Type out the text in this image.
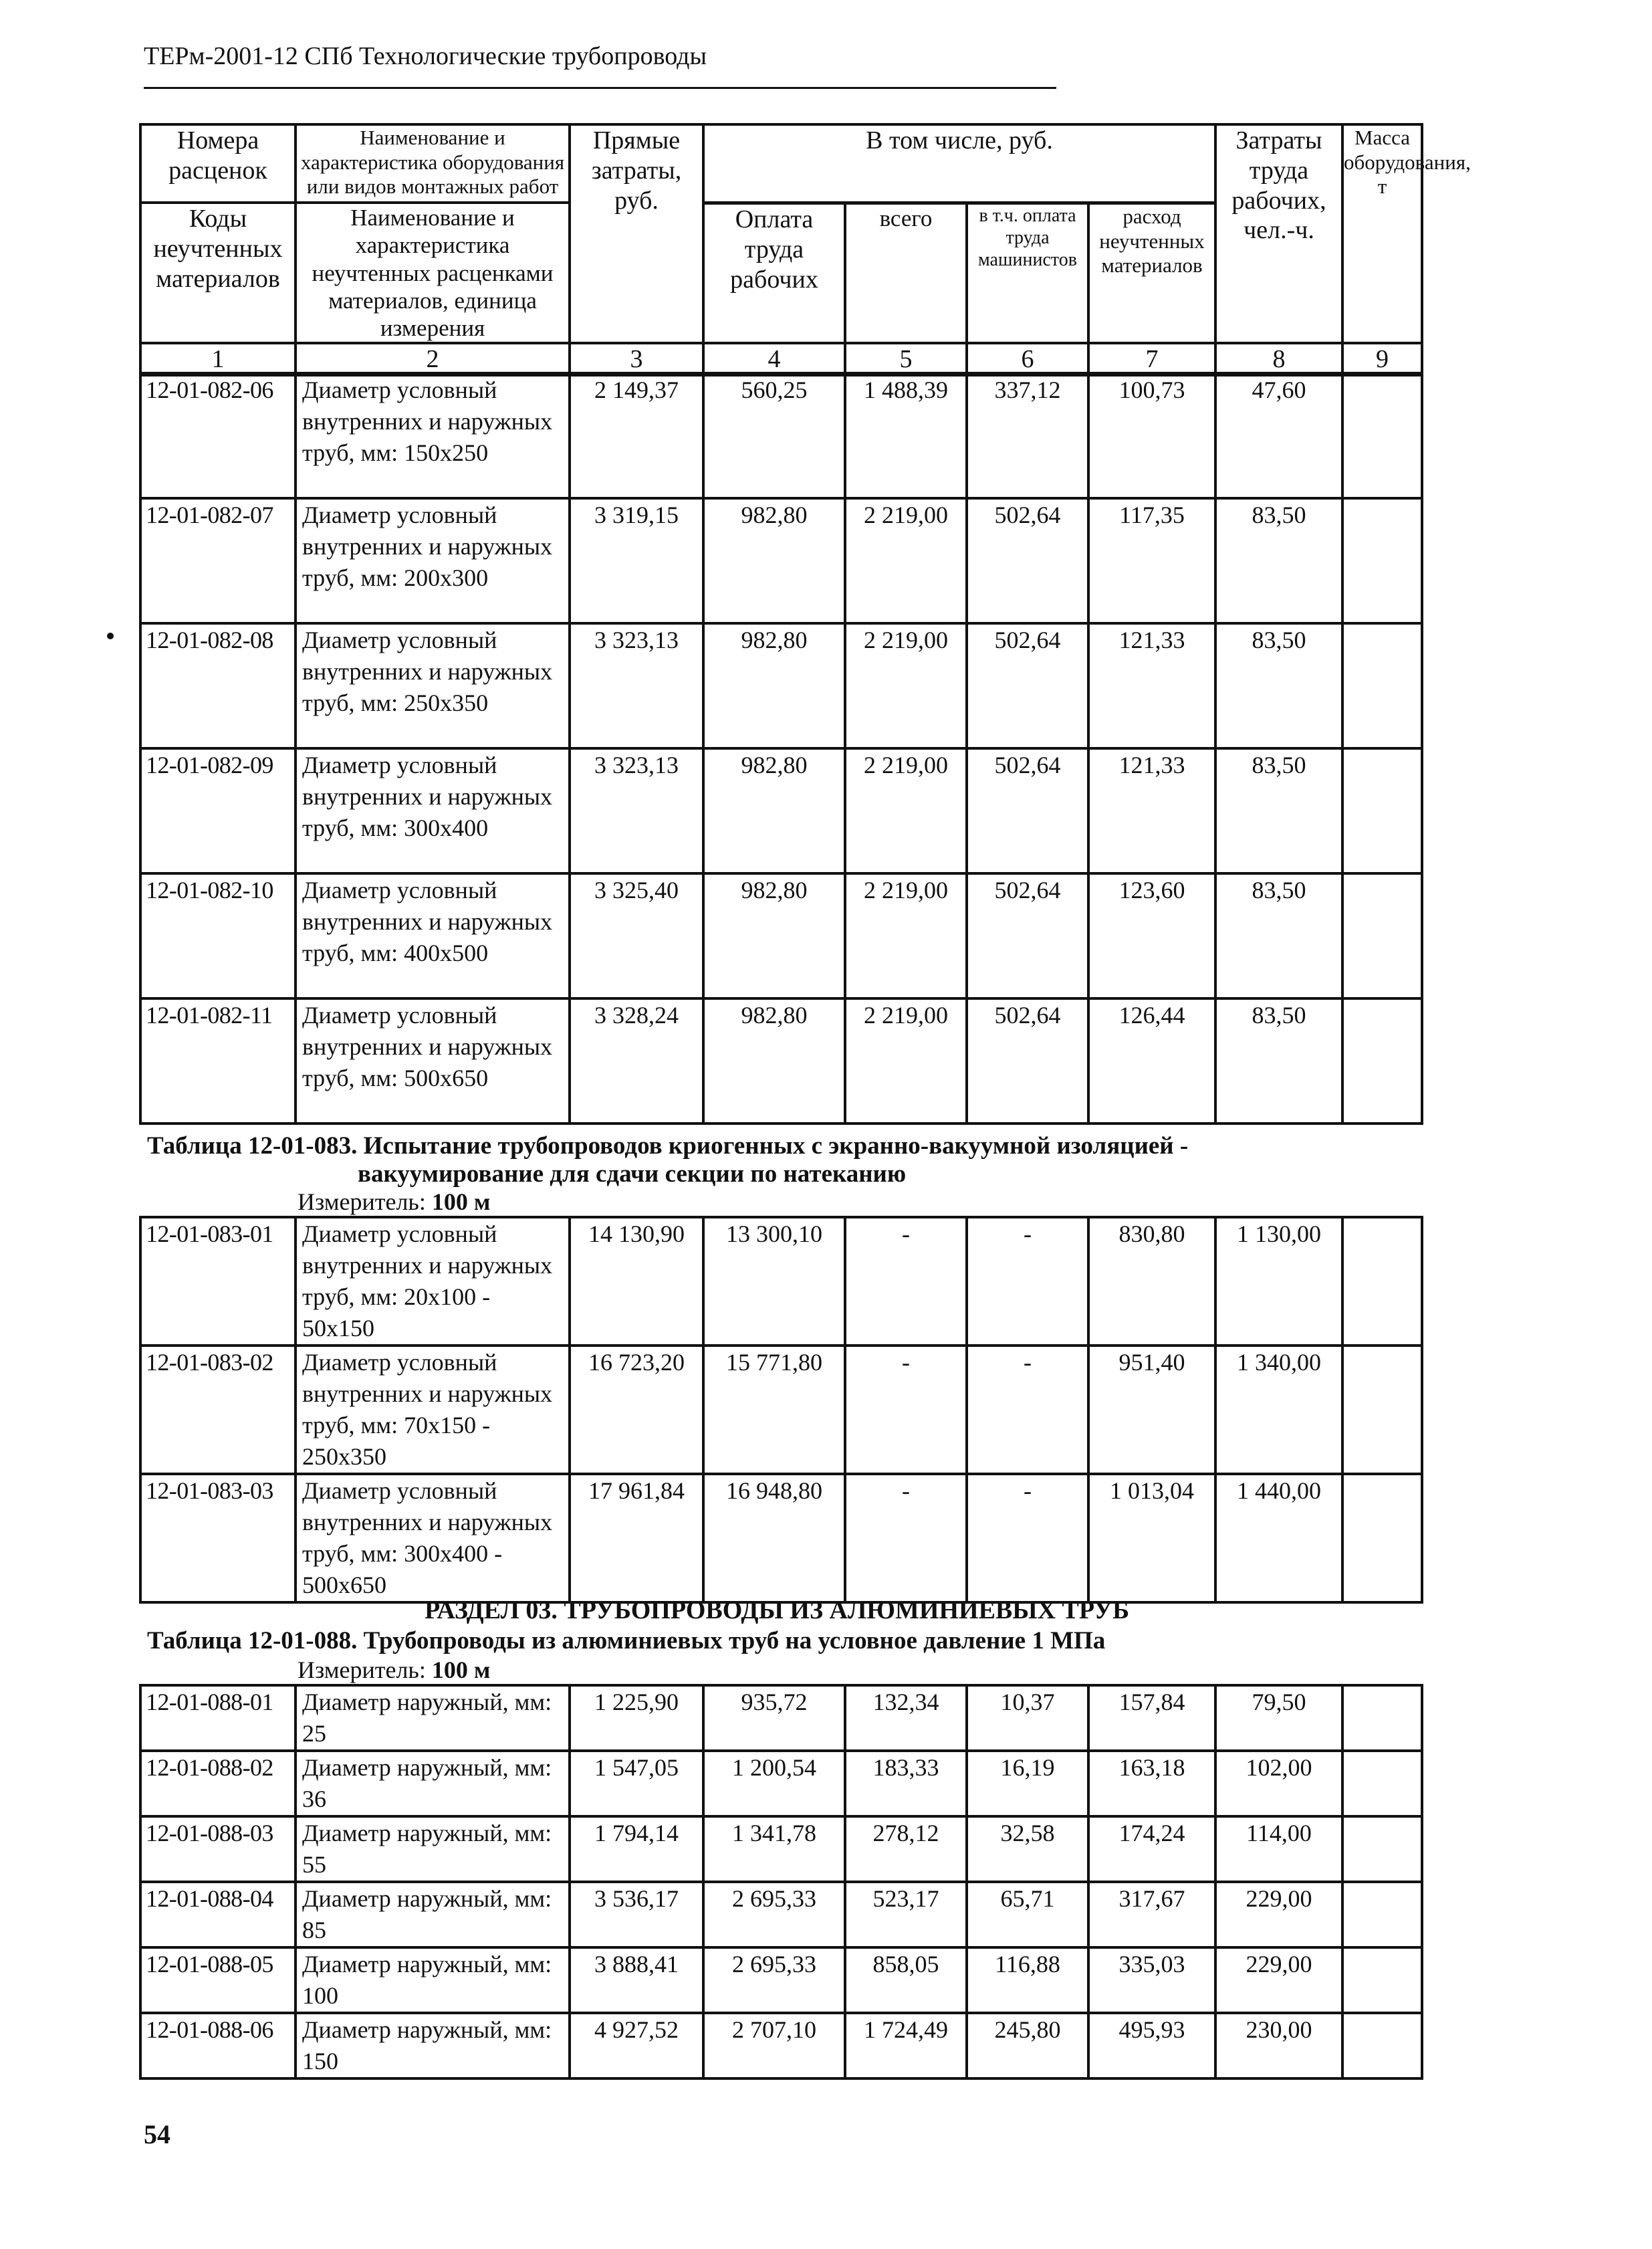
ТЕРм-2001-12 СПб Технологические трубопроводы
Номера расценок	Наименование и характеристика оборудования или видов монтажных работ	Прямые затраты, руб.	В том числе, руб.				Затраты труда рабочих, чел.-ч.	Масса оборудования, т
Коды неучтенных материалов	Наименование и характеристика неучтенных расценками материалов, единица измерения							
			Оплата труда рабочих	всего	в т.ч. оплата труда машинистов	расход неучтенных материалов		
1	2	3	4	5	6	7	8	9
12-01-082-06	Диаметр условный внутренних и наружных труб, мм: 150x250	2 149,37	560,25	1 488,39	337,12	100,73	47,60	
12-01-082-07	Диаметр условный внутренних и наружных труб, мм: 200x300	3 319,15	982,80	2 219,00	502,64	117,35	83,50	
12-01-082-08	Диаметр условный внутренних и наружных труб, мм: 250x350	3 323,13	982,80	2 219,00	502,64	121,33	83,50	
12-01-082-09	Диаметр условный внутренних и наружных труб, мм: 300x400	3 323,13	982,80	2 219,00	502,64	121,33	83,50	
12-01-082-10	Диаметр условный внутренних и наружных труб, мм: 400x500	3 325,40	982,80	2 219,00	502,64	123,60	83,50	
12-01-082-11	Диаметр условный внутренних и наружных труб, мм: 500x650	3 328,24	982,80	2 219,00	502,64	126,44	83,50	
Таблица 12-01-083. Испытание трубопроводов криогенных с экранно-вакуумной изоляцией -
вакуумирование для сдачи секции по натеканию
Измеритель: 100 м
12-01-083-01	Диаметр условный внутренних и наружных труб, мм: 20x100 - 50x150	14 130,90	13 300,10	-	-	830,80	1 130,00	
12-01-083-02	Диаметр условный внутренних и наружных труб, мм: 70x150 - 250x350	16 723,20	15 771,80	-	-	951,40	1 340,00	
12-01-083-03	Диаметр условный внутренних и наружных труб, мм: 300x400 - 500x650	17 961,84	16 948,80	-	-	1 013,04	1 440,00	
РАЗДЕЛ 03. ТРУБОПРОВОДЫ ИЗ АЛЮМИНИЕВЫХ ТРУБ
Таблица 12-01-088. Трубопроводы из алюминиевых труб на условное давление 1 МПа
Измеритель: 100 м
12-01-088-01	Диаметр наружный, мм: 25	1 225,90	935,72	132,34	10,37	157,84	79,50	
12-01-088-02	Диаметр наружный, мм: 36	1 547,05	1 200,54	183,33	16,19	163,18	102,00	
12-01-088-03	Диаметр наружный, мм: 55	1 794,14	1 341,78	278,12	32,58	174,24	114,00	
12-01-088-04	Диаметр наружный, мм: 85	3 536,17	2 695,33	523,17	65,71	317,67	229,00	
12-01-088-05	Диаметр наружный, мм: 100	3 888,41	2 695,33	858,05	116,88	335,03	229,00	
12-01-088-06	Диаметр наружный, мм: 150	4 927,52	2 707,10	1 724,49	245,80	495,93	230,00	
54
